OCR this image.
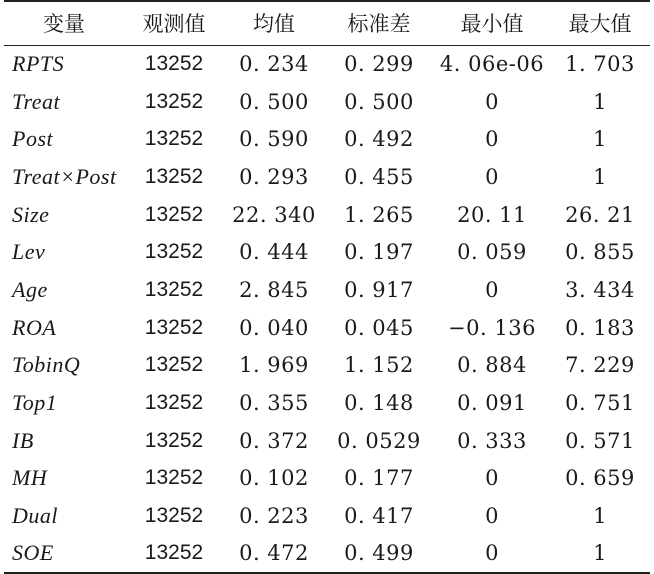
变量	观测值	均值	标准差	最小值	最大值
RPTS	13252	0. 234	0. 299	4. 06e-06	1. 703
Treat	13252	0. 500	0. 500	0	1
Post	13252	0. 590	0. 492	0	1
Treat×Post	13252	0. 293	0. 455	0	1
Size	13252	22. 340	1. 265	20. 11	26. 21
Lev	13252	0. 444	0. 197	0. 059	0. 855
Age	13252	2. 845	0. 917	0	3. 434
ROA	13252	0. 040	0. 045	−0. 136	0. 183
TobinQ	13252	1. 969	1. 152	0. 884	7. 229
Top1	13252	0. 355	0. 148	0. 091	0. 751
IB	13252	0. 372	0. 0529	0. 333	0. 571
MH	13252	0. 102	0. 177	0	0. 659
Dual	13252	0. 223	0. 417	0	1
SOE	13252	0. 472	0. 499	0	1
